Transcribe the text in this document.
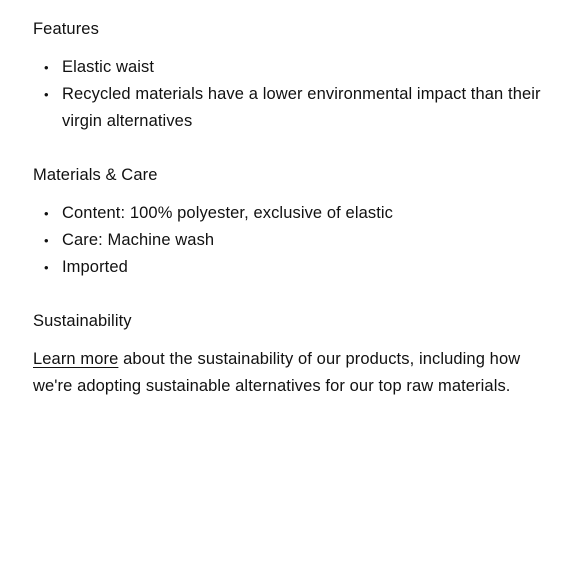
Features
• Elastic waist
• Recycled materials have a lower environmental impact than their virgin alternatives
Materials & Care
• Content: 100% polyester, exclusive of elastic
• Care: Machine wash
• Imported
Sustainability

Learn more about the sustainability of our products, including how we're adopting sustainable alternatives for our top raw materials.
